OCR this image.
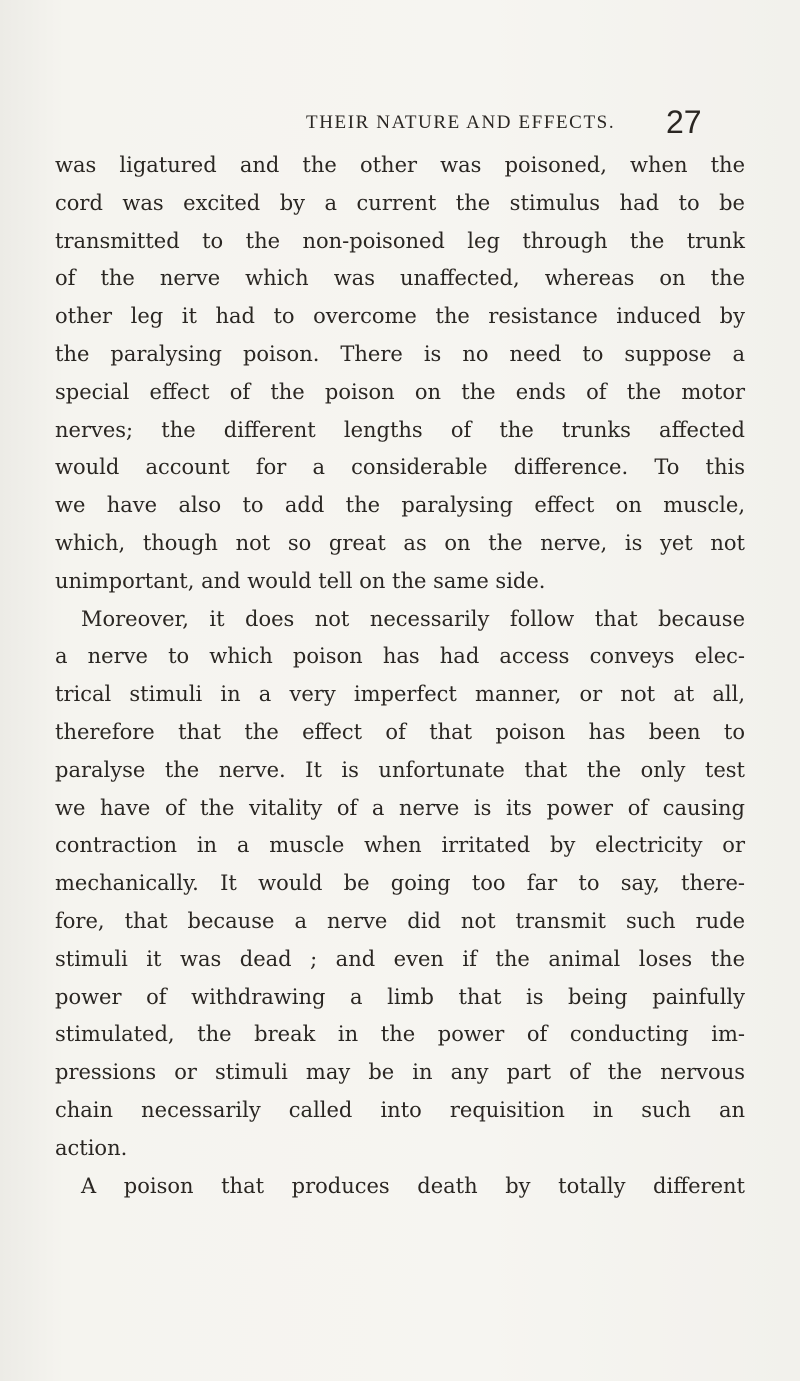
THEIR NATURE AND EFFECTS. 27
was ligatured and the other was poisoned, when the
cord was excited by a current the stimulus had to be
transmitted to the non-poisoned leg through the trunk
of the nerve which was unaffected, whereas on the
other leg it had to overcome the resistance induced by
the paralysing poison. There is no need to suppose a
special effect of the poison on the ends of the motor
nerves; the different lengths of the trunks affected
would account for a considerable difference. To this
we have also to add the paralysing effect on muscle,
which, though not so great as on the nerve, is yet not
unimportant, and would tell on the same side.
Moreover, it does not necessarily follow that because
a nerve to which poison has had access conveys elec-
trical stimuli in a very imperfect manner, or not at all,
therefore that the effect of that poison has been to
paralyse the nerve. It is unfortunate that the only test
we have of the vitality of a nerve is its power of causing
contraction in a muscle when irritated by electricity or
mechanically. It would be going too far to say, there-
fore, that because a nerve did not transmit such rude
stimuli it was dead ; and even if the animal loses the
power of withdrawing a limb that is being painfully
stimulated, the break in the power of conducting im-
pressions or stimuli may be in any part of the nervous
chain necessarily called into requisition in such an
action.
A poison that produces death by totally different
